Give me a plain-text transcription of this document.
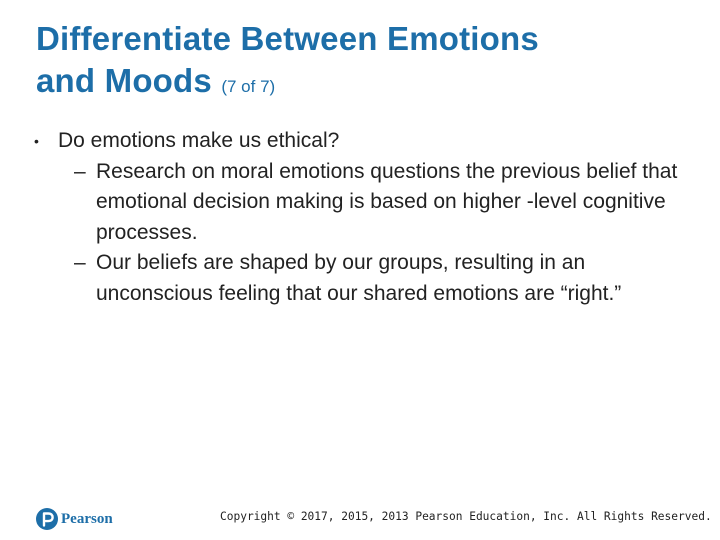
Differentiate Between Emotions
and Moods (7 of 7)
• Do emotions make us ethical?
– Research on moral emotions questions the previous belief that emotional decision making is based on higher -level cognitive processes.
– Our beliefs are shaped by our groups, resulting in an unconscious feeling that our shared emotions are “right.”
Pearson	Copyright © 2017, 2015, 2013 Pearson Education, Inc. All Rights Reserved.
